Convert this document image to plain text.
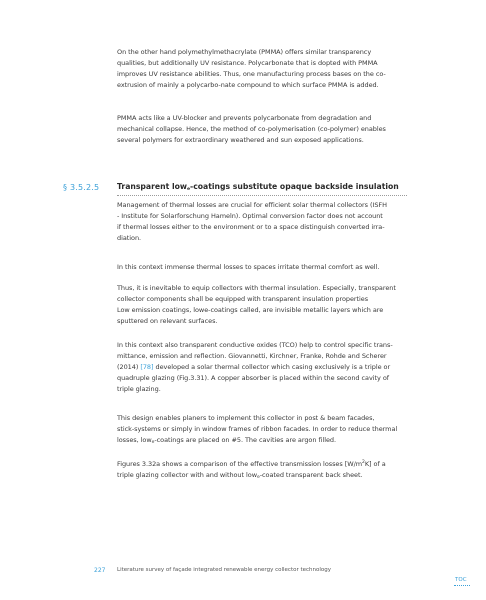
On the other hand polymethylmethacrylate (PMMA) offers similar transparency

qualities, but additionally UV resistance. Polycarbonate that is dopted with PMMA

improves UV resistance abilities. Thus, one manufacturing process bases on the co-

extrusion of mainly a polycarbo-nate compound to which surface PMMA is added.

PMMA acts like a UV-blocker and prevents polycarbonate from degradation and

mechanical collapse. Hence, the method of co-polymerisation (co-polymer) enables

several polymers for extraordinary weathered and sun exposed applications.

§ 3.5.2.5 Transparent low$_e$-coatings substitute opaque backside insulation

Management of thermal losses are crucial for efficient solar thermal collectors (ISFH

- Institute for Solarforschung Hameln). Optimal conversion factor does not account

if thermal losses either to the environment or to a space distinguish converted irra-

diation.

In this context immense thermal losses to spaces irritate thermal comfort as well.

Thus, it is inevitable to equip collectors with thermal insulation. Especially, transparent

collector components shall be equipped with transparent insulation properties

Low emission coatings, lowe-coatings called, are invisible metallic layers which are

sputtered on relevant surfaces.

In this context also transparent conductive oxides (TCO) help to control specific trans-

mittance, emission and reflection. Giovannetti, Kirchner, Franke, Rohde and Scherer

(2014) [78] developed a solar thermal collector which casing exclusively is a triple or

quadruple glazing (Fig.3.31). A copper absorber is placed within the second cavity of

triple glazing.

This design enables planers to implement this collector in post & beam facades,

stick-systems or simply in window frames of ribbon facades. In order to reduce thermal

losses, low$_e$-coatings are placed on #5. The cavities are argon filled.

Figures 3.32a shows a comparison of the effective transmission losses $[W/m^2K]$ of a

triple glazing collector with and without low$_e$-coated transparent back sheet.

227 Literature survey of façade integrated renewable energy collector technology
TOC
